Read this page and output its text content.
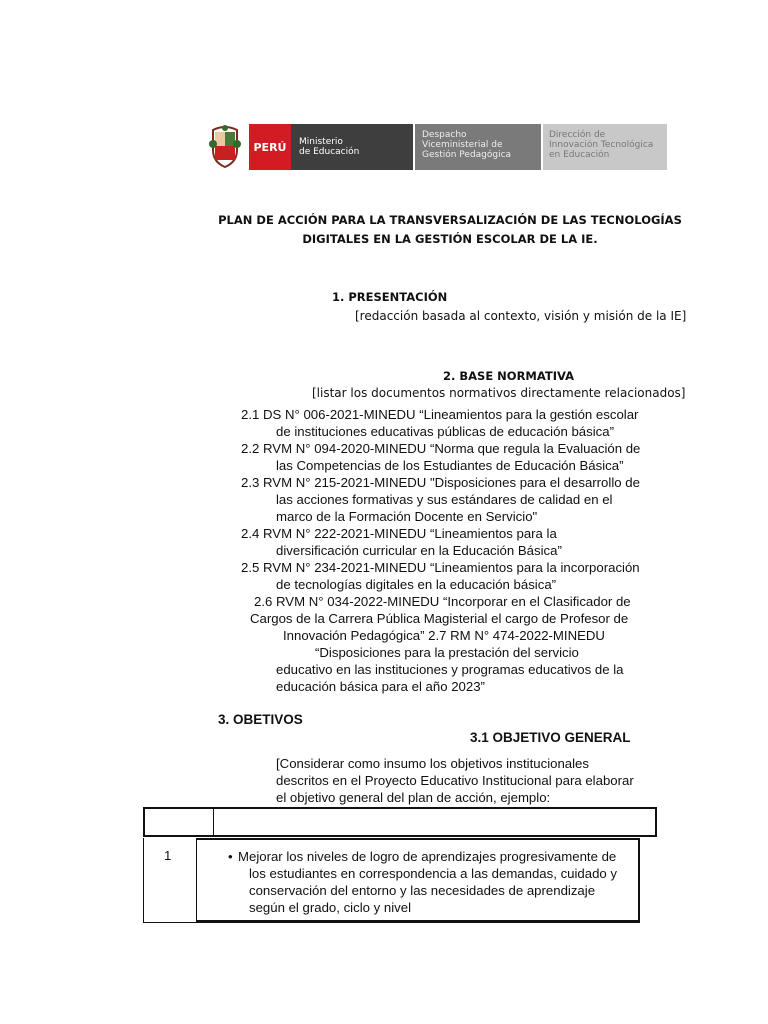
PERÚ	Ministerio
de Educación
Despacho
Viceministerial de
Gestión Pedagógica
Dirección de
Innovación Tecnológica
en Educación
PLAN DE ACCIÓN PARA LA TRANSVERSALIZACIÓN DE LAS TECNOLOGÍAS
DIGITALES EN LA GESTIÓN ESCOLAR DE LA IE.
1. PRESENTACIÓN
[redacción basada al contexto, visión y misión de la IE]
2. BASE NORMATIVA
[listar los documentos normativos directamente relacionados]
2.1 DS N° 006-2021-MINEDU “Lineamientos para la gestión escolar
de instituciones educativas públicas de educación básica”
2.2 RVM N° 094-2020-MINEDU “Norma que regula la Evaluación de
las Competencias de los Estudiantes de Educación Básica”
2.3 RVM N° 215-2021-MINEDU "Disposiciones para el desarrollo de
las acciones formativas y sus estándares de calidad en el
marco de la Formación Docente en Servicio"
2.4 RVM N° 222-2021-MINEDU “Lineamientos para la
diversificación curricular en la Educación Básica”
2.5 RVM N° 234-2021-MINEDU “Lineamientos para la incorporación
de tecnologías digitales en la educación básica”
2.6 RVM N° 034-2022-MINEDU “Incorporar en el Clasificador de
Cargos de la Carrera Pública Magisterial el cargo de Profesor de
Innovación Pedagógica” 2.7 RM N° 474-2022-MINEDU
“Disposiciones para la prestación del servicio
educativo en las instituciones y programas educativos de la
educación básica para el año 2023”
3. OBETIVOS
3.1 OBJETIVO GENERAL
[Considerar como insumo los objetivos institucionales
descritos en el Proyecto Educativo Institucional para elaborar
el objetivo general del plan de acción, ejemplo:
1	• Mejorar los niveles de logro de aprendizajes progresivamente de
los estudiantes en correspondencia a las demandas, cuidado y
conservación del entorno y las necesidades de aprendizaje
según el grado, ciclo y nivel
